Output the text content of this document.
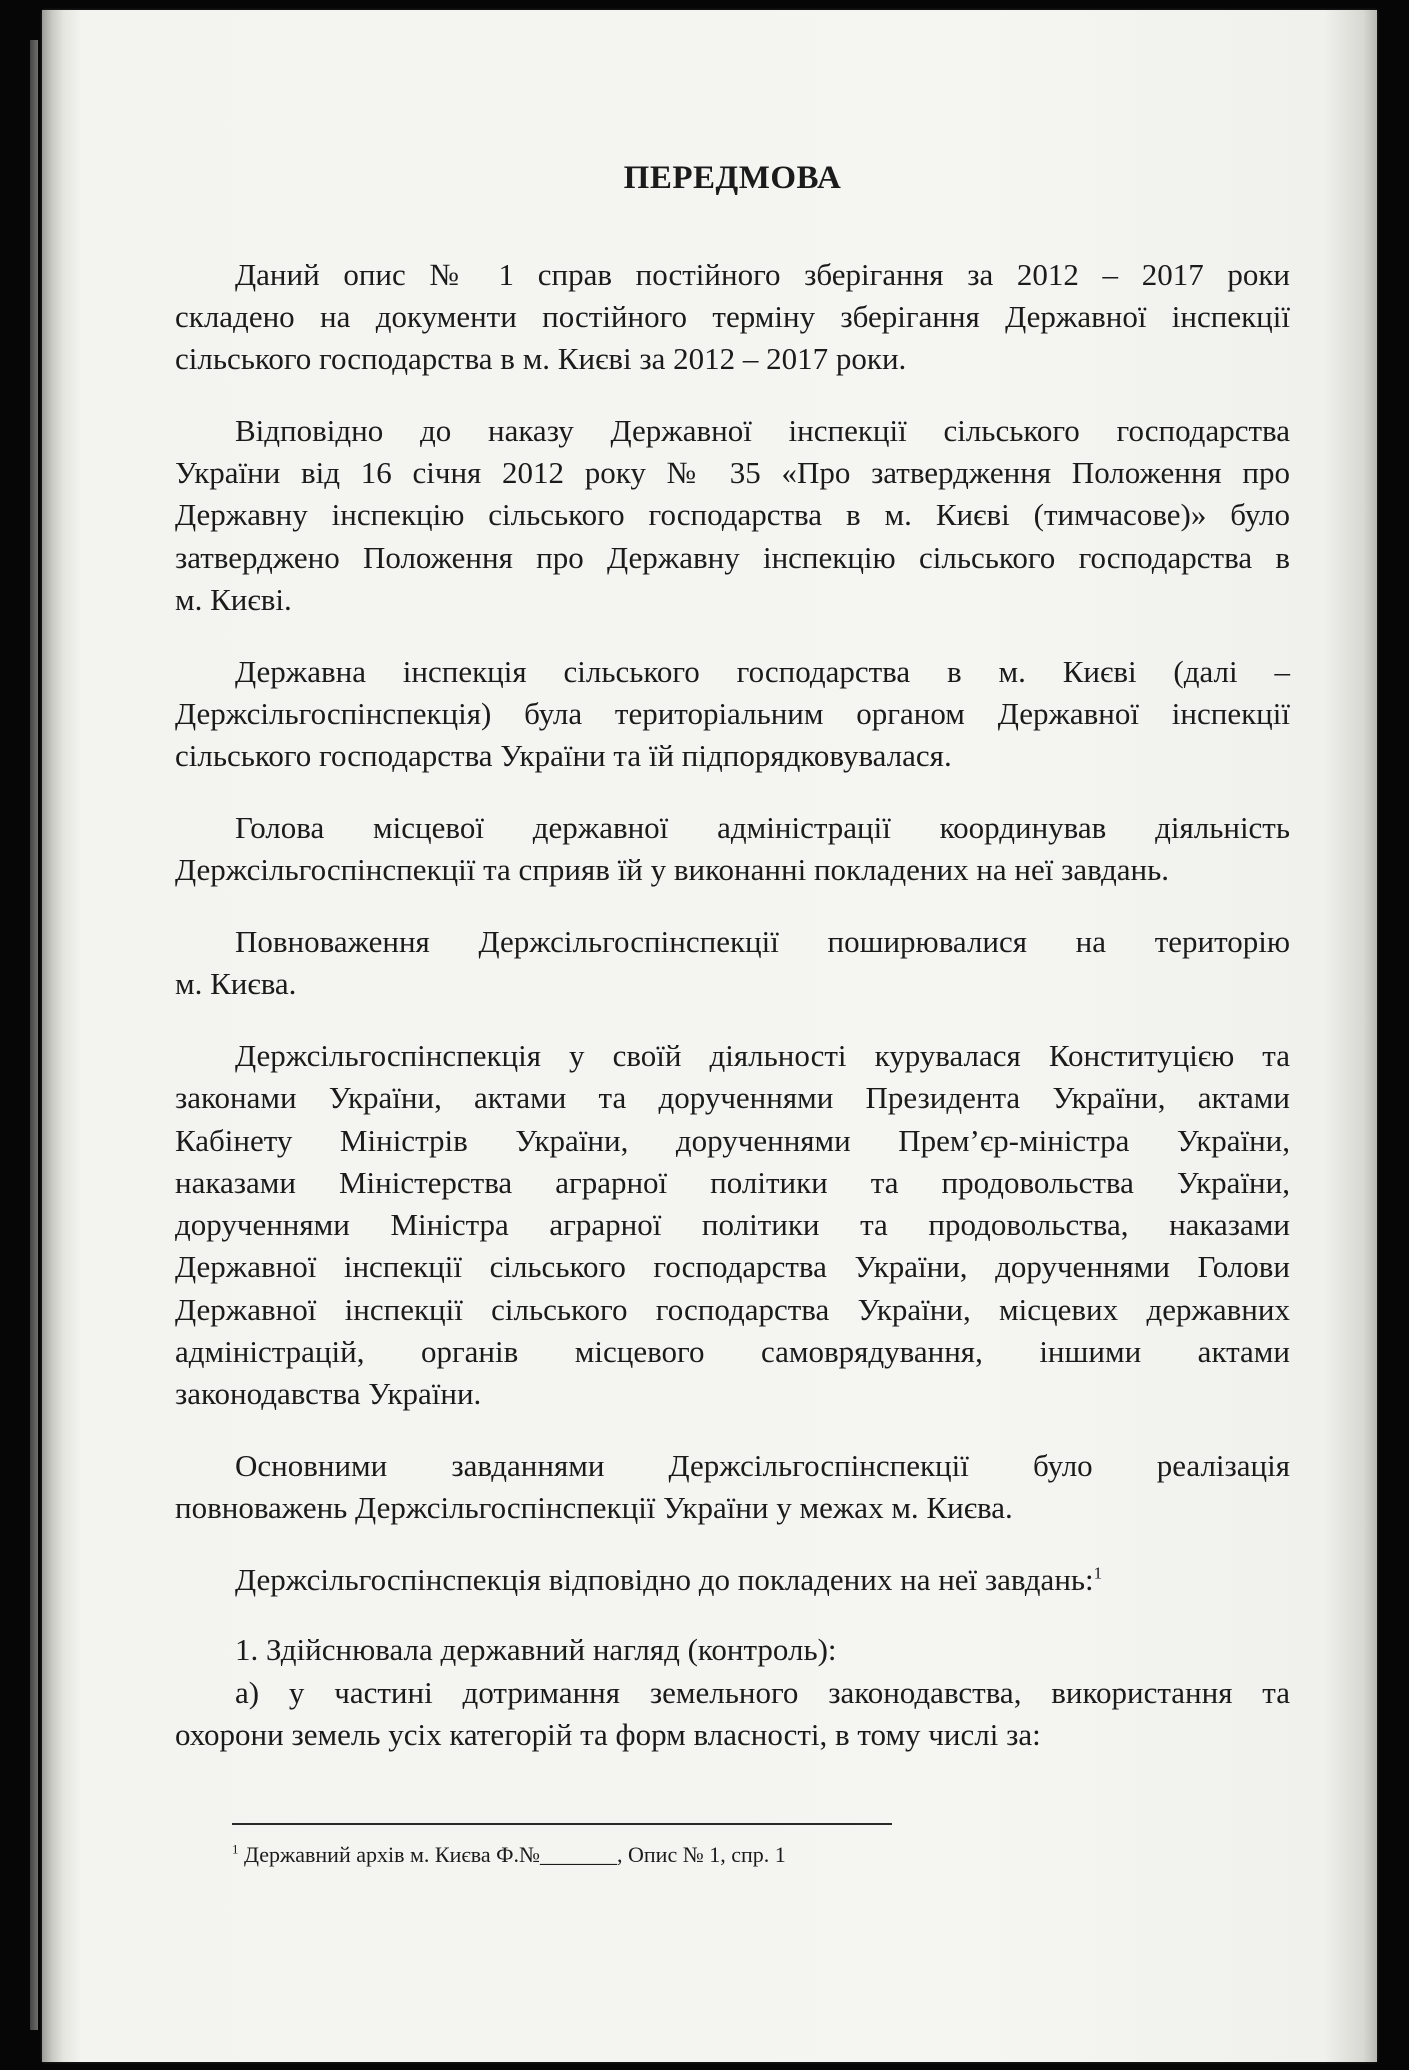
ПЕРЕДМОВА
Даний опис № 1 справ постійного зберігання за 2012 – 2017 роки
складено на документи постійного терміну зберігання Державної інспекції
сільського господарства в м. Києві за 2012 – 2017 роки.
Відповідно до наказу Державної інспекції сільського господарства
України від 16 січня 2012 року № 35 «Про затвердження Положення про
Державну інспекцію сільського господарства в м. Києві (тимчасове)» було
затверджено Положення про Державну інспекцію сільського господарства в
м. Києві.
Державна інспекція сільського господарства в м. Києві (далі –
Держсільгоспінспекція) була територіальним органом Державної інспекції
сільського господарства України та їй підпорядковувалася.
Голова місцевої державної адміністрації координував діяльність
Держсільгоспінспекції та сприяв їй у виконанні покладених на неї завдань.
Повноваження Держсільгоспінспекції поширювалися на територію
м. Києва.
Держсільгоспінспекція у своїй діяльності курувалася Конституцією та
законами України, актами та дорученнями Президента України, актами
Кабінету Міністрів України, дорученнями Прем’єр-міністра України,
наказами Міністерства аграрної політики та продовольства України,
дорученнями Міністра аграрної політики та продовольства, наказами
Державної інспекції сільського господарства України, дорученнями Голови
Державної інспекції сільського господарства України, місцевих державних
адміністрацій, органів місцевого самоврядування, іншими актами
законодавства України.
Основними завданнями Держсільгоспінспекції було реалізація
повноважень Держсільгоспінспекції України у межах м. Києва.
Держсільгоспінспекція відповідно до покладених на неї завдань:$^1$
1. Здійснювала державний нагляд (контроль):
а) у частині дотримання земельного законодавства, використання та
охорони земель усіх категорій та форм власності, в тому числі за:
$^1$ Державний архів м. Києва Ф.№_______, Опис № 1, спр. 1
